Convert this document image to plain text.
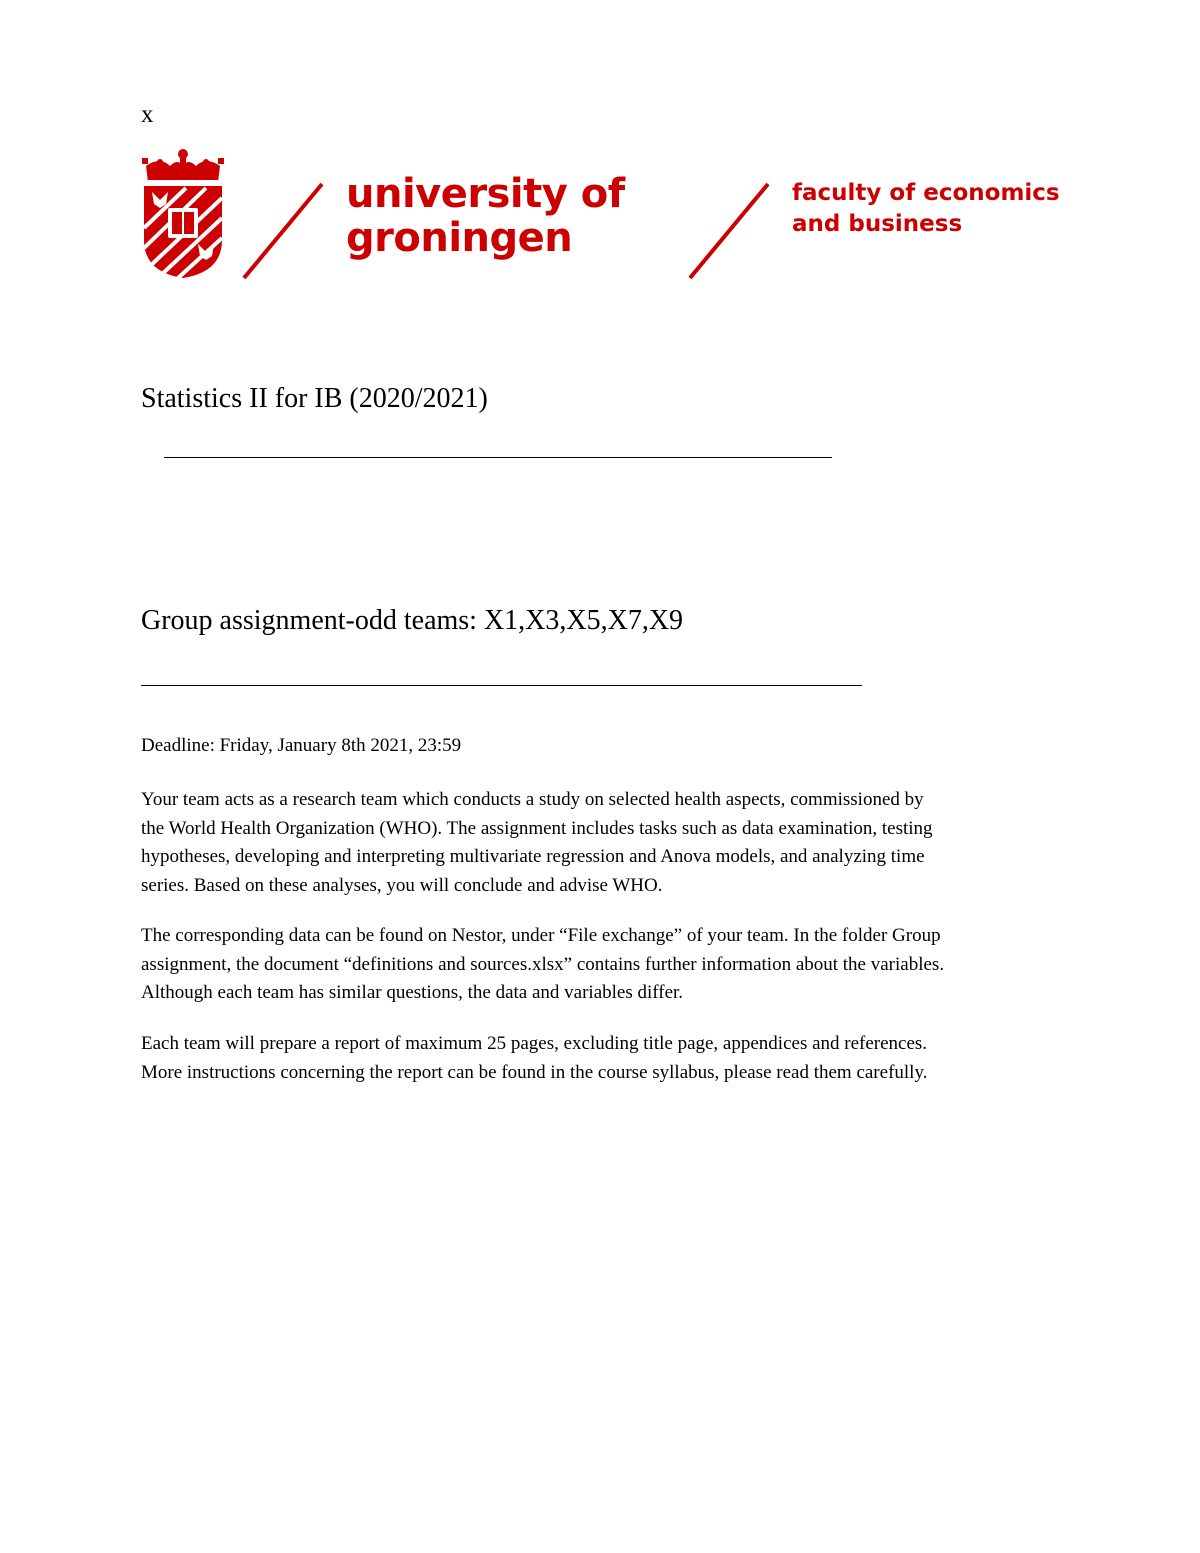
x
university of
groningen
faculty of economics
and business
Statistics II for IB (2020/2021)
Group assignment-odd teams: X1,X3,X5,X7,X9
Deadline: Friday, January 8th 2021, 23:59
Your team acts as a research team which conducts a study on selected health aspects, commissioned by
the World Health Organization (WHO). The assignment includes tasks such as data examination, testing
hypotheses, developing and interpreting multivariate regression and Anova models, and analyzing time
series. Based on these analyses, you will conclude and advise WHO.
The corresponding data can be found on Nestor, under “File exchange” of your team. In the folder Group
assignment, the document “definitions and sources.xlsx” contains further information about the variables.
Although each team has similar questions, the data and variables differ.
Each team will prepare a report of maximum 25 pages, excluding title page, appendices and references.
More instructions concerning the report can be found in the course syllabus, please read them carefully.
